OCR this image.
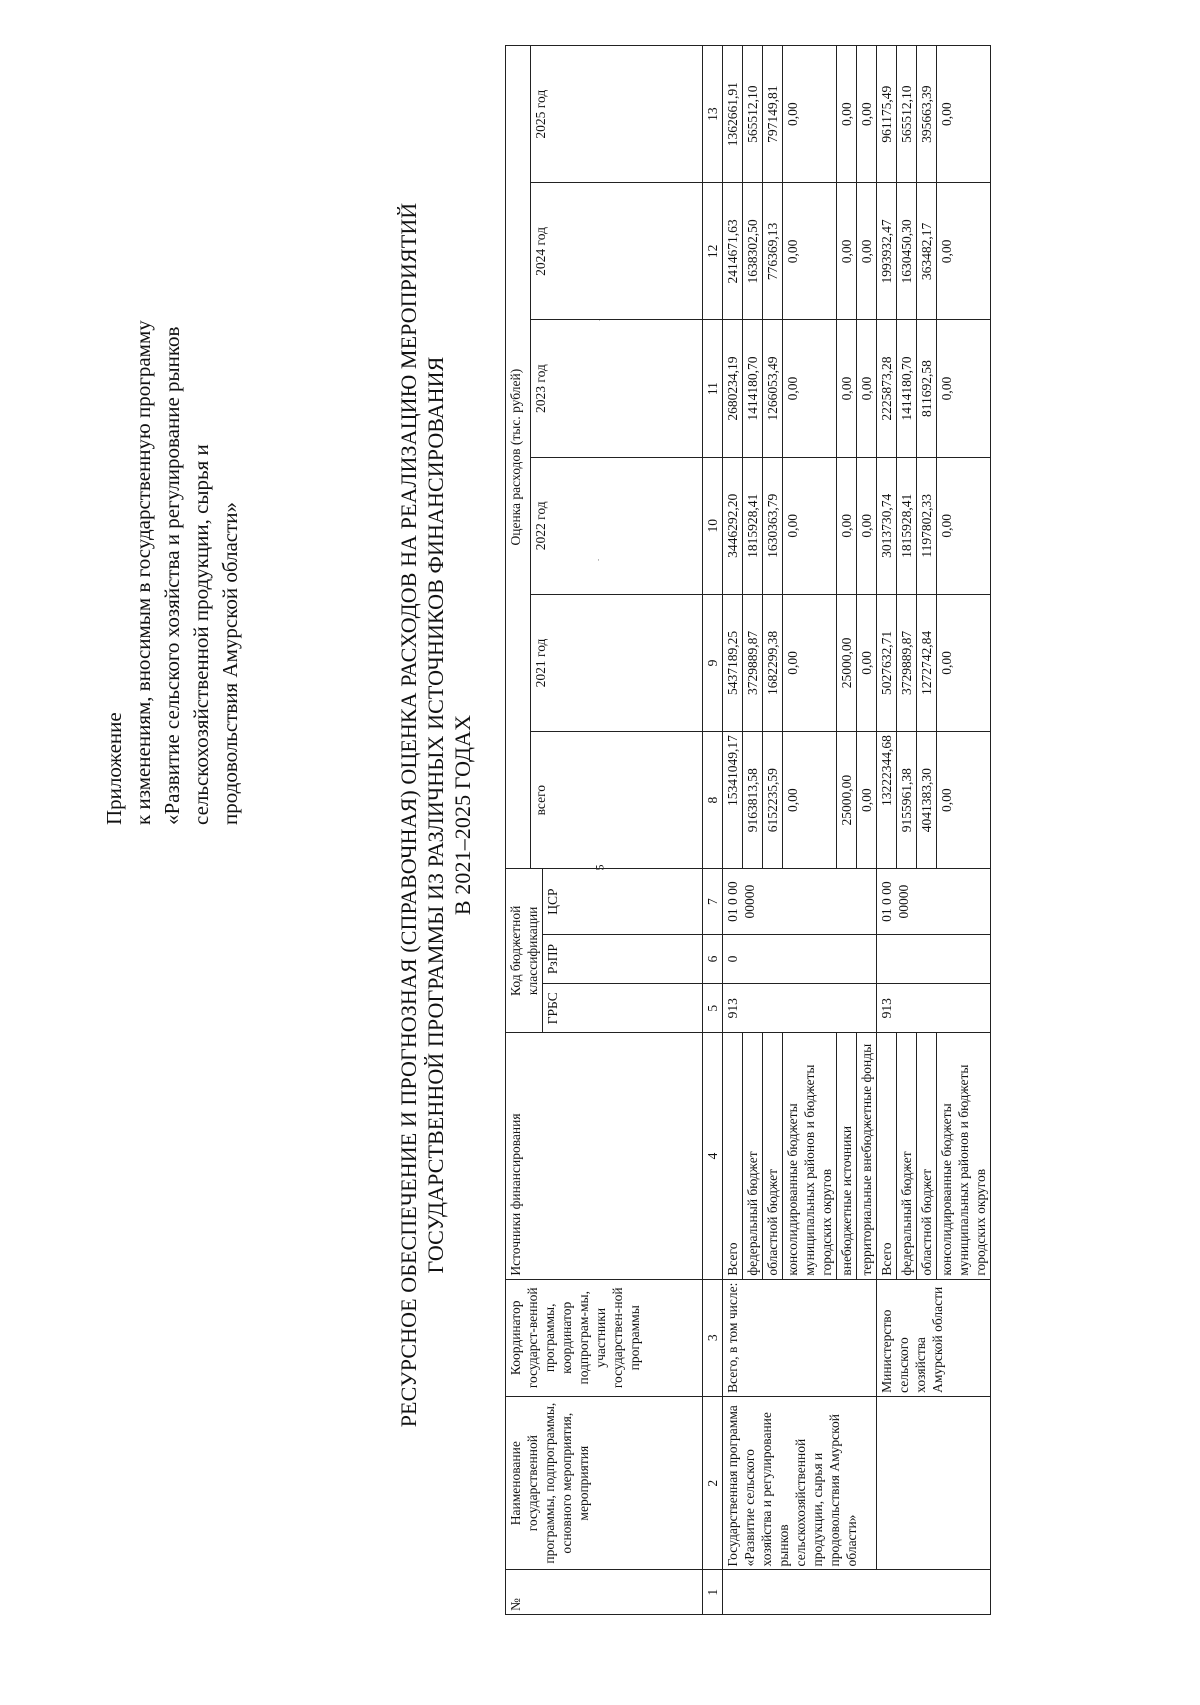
5
·
·
Приложение к изменениям, вносимым в государственную программу «Развитие сельского хозяйства и регулирование рынков сельскохозяйственной продукции, сырья и продовольствия Амурской области»	РЕСУРСНОЕ ОБЕСПЕЧЕНИЕ И ПРОГНОЗНАЯ (СПРАВОЧНАЯ) ОЦЕНКА РАСХОДОВ НА РЕАЛИЗАЦИЮ МЕРОПРИЯТИЙ ГОСУДАРСТВЕННОЙ ПРОГРАММЫ ИЗ РАЗЛИЧНЫХ ИСТОЧНИКОВ ФИНАНСИРОВАНИЯ В 2021–2025 ГОДАХ
№	Наименование государственной программы, подпрограммы, основного мероприятия, мероприятия	Координатор государст-венной программы, координатор подпрограм-мы, участники государствен-ной программы	Источники финансирования	Код бюджетной классификации			Оценка расходов (тыс. рублей)					
							всего	2021 год	2022 год	2023 год	2024 год	2025 год
				ГРБС	РзПР	ЦСР						
1	2	3	4	5	6	7	8	9	10	11	12	13
	Государственная программа «Развитие сельского хозяйства и регулирование рынков сельскохозяйственной продукции, сырья и продовольствия Амурской области»	Всего, в том числе:	Всего	913	0	01 0 00 00000	15341049,17	5437189,25	3446292,20	2680234,19	2414671,63	1362661,91
			федеральный бюджет				9163813,58	3729889,87	1815928,41	1414180,70	1638302,50	565512,10
			областной бюджет				6152235,59	1682299,38	1630363,79	1266053,49	776369,13	797149,81
			консолидированные бюджеты муниципальных районов и бюджеты городских округов				0,00	0,00	0,00	0,00	0,00	0,00
			внебюджетные источники				25000,00	25000,00	0,00	0,00	0,00	0,00
			территориальные внебюджетные фонды				0,00	0,00	0,00	0,00	0,00	0,00
		Министерство сельского хозяйства Амурской области	Всего	913		01 0 00 00000	13222344,68	5027632,71	3013730,74	2225873,28	1993932,47	961175,49
			федеральный бюджет				9155961,38	3729889,87	1815928,41	1414180,70	1630450,30	565512,10
			областной бюджет				4041383,30	1272742,84	1197802,33	811692,58	363482,17	395663,39
			консолидированные бюджеты муниципальных районов и бюджеты городских округов				0,00	0,00	0,00	0,00	0,00	0,00
